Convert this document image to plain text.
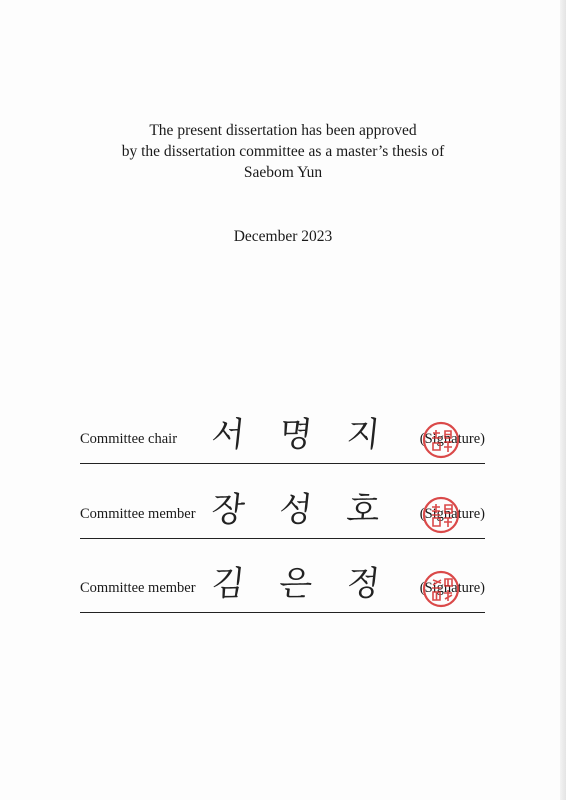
The present dissertation has been approved
by the dissertation committee as a master’s thesis of
Saebom Yun
December 2023
Committee chair 서 명 지 (Signature)
Committee member 장 성 호 (Signature)
Committee member 김 은 정 (Signature)
